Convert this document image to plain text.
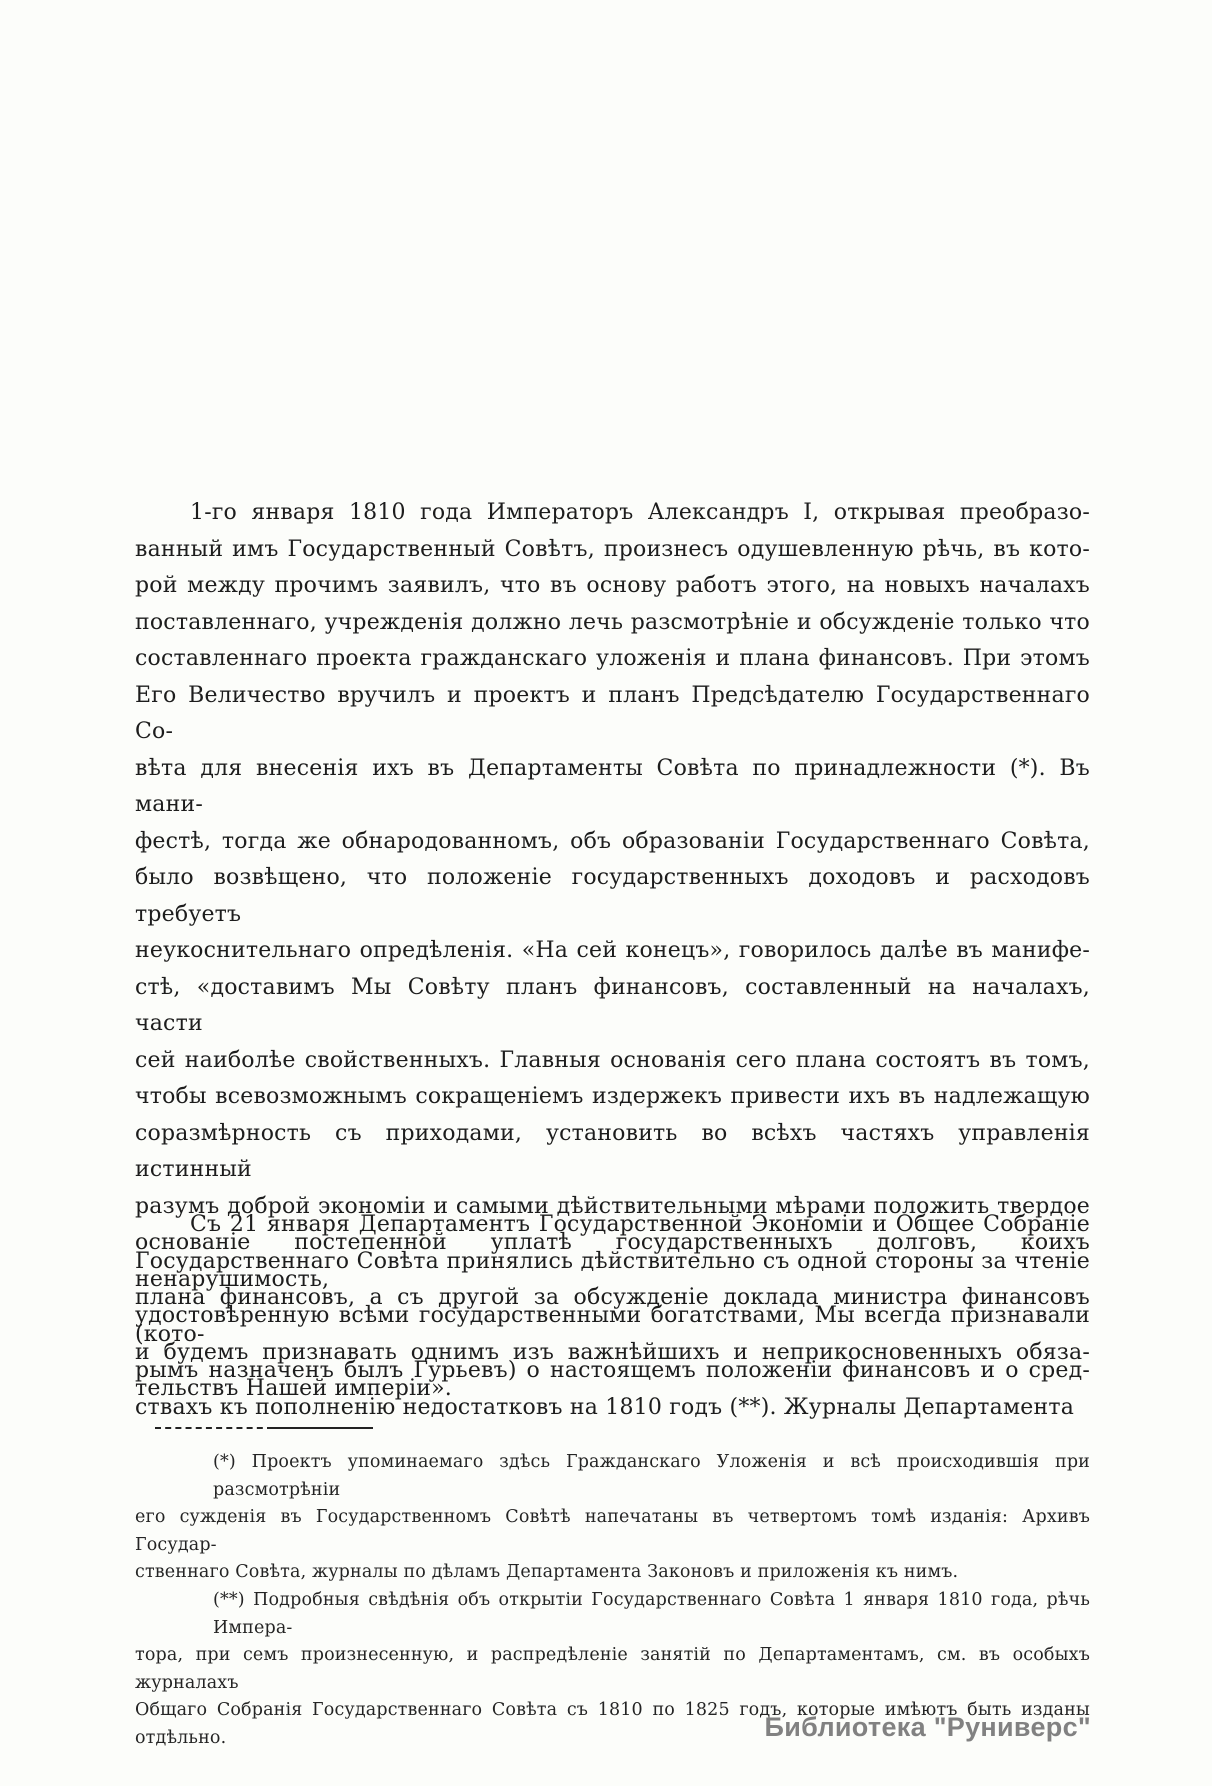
1-го января 1810 года Императоръ Александръ I, открывая преобразо-
ванный имъ Государственный Совѣтъ, произнесъ одушевленную рѣчь, въ кото-
рой между прочимъ заявилъ, что въ основу работъ этого, на новыхъ началахъ
поставленнаго, учрежденія должно лечь разсмотрѣніе и обсужденіе только что
составленнаго проекта гражданскаго уложенія и плана финансовъ. При этомъ
Его Величество вручилъ и проектъ и планъ Предсѣдателю Государственнаго Со-
вѣта для внесенія ихъ въ Департаменты Совѣта по принадлежности (*). Въ мани-
фестѣ, тогда же обнародованномъ, объ образованіи Государственнаго Совѣта,
было возвѣщено, что положеніе государственныхъ доходовъ и расходовъ требуетъ
неукоснительнаго опредѣленія. «На сей конецъ», говорилось далѣе въ манифе-
стѣ, «доставимъ Мы Совѣту планъ финансовъ, составленный на началахъ, части
сей наиболѣе свойственныхъ. Главныя основанія сего плана состоятъ въ томъ,
чтобы всевозможнымъ сокращеніемъ издержекъ привести ихъ въ надлежащую
соразмѣрность съ приходами, установить во всѣхъ частяхъ управленія истинный
разумъ доброй экономіи и самыми дѣйствительными мѣрами положить твердое
основаніе постепенной уплатѣ государственныхъ долговъ, коихъ ненарушимость,
удостовѣренную всѣми государственными богатствами, Мы всегда признавали
и будемъ признавать однимъ изъ важнѣйшихъ и неприкосновенныхъ обяза-
тельствъ Нашей имперіи».
Съ 21 января Департаментъ Государственной Экономіи и Общее Собраніе
Государственнаго Совѣта принялись дѣйствительно съ одной стороны за чтеніе
плана финансовъ, а съ другой за обсужденіе доклада министра финансовъ (кото-
рымъ назначенъ былъ Гурьевъ) о настоящемъ положеніи финансовъ и о сред-
ствахъ къ пополненію недостатковъ на 1810 годъ (**). Журналы Департамента
(*) Проектъ упоминаемаго здѣсь Гражданскаго Уложенія и всѣ происходившія при разсмотрѣніи
его сужденія въ Государственномъ Совѣтѣ напечатаны въ четвертомъ томѣ изданія: Архивъ Государ-
ственнаго Совѣта, журналы по дѣламъ Департамента Законовъ и приложенія къ нимъ.
(**) Подробныя свѣдѣнія объ открытіи Государственнаго Совѣта 1 января 1810 года, рѣчь Импера-
тора, при семъ произнесенную, и распредѣленіе занятій по Департаментамъ, см. въ особыхъ журналахъ
Общаго Собранія Государственнаго Совѣта съ 1810 по 1825 годъ, которые имѣютъ быть изданы отдѣльно.	Библиотека "Руниверс"
